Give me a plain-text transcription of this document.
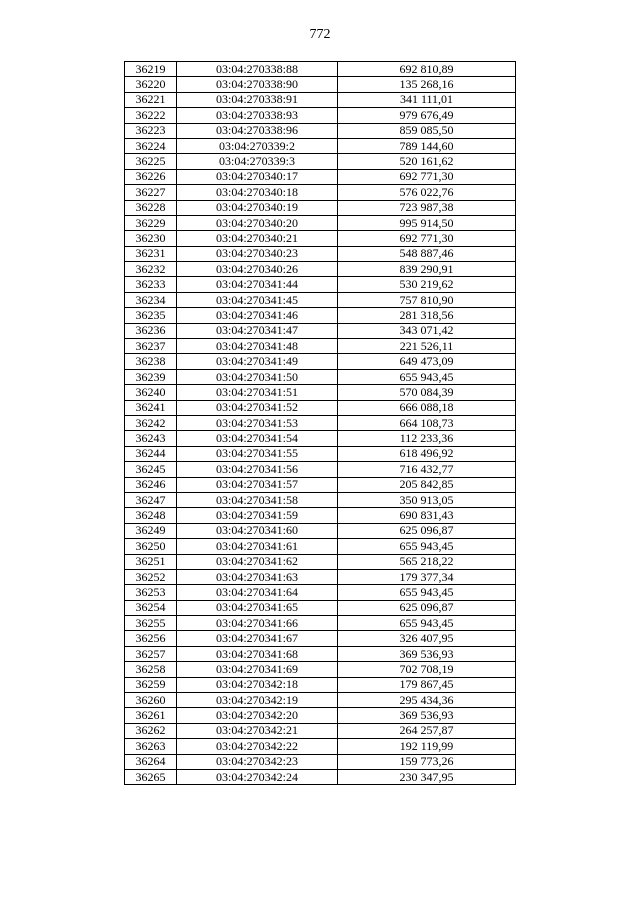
772
36219	03:04:270338:88	692 810,89
36220	03:04:270338:90	135 268,16
36221	03:04:270338:91	341 111,01
36222	03:04:270338:93	979 676,49
36223	03:04:270338:96	859 085,50
36224	03:04:270339:2	789 144,60
36225	03:04:270339:3	520 161,62
36226	03:04:270340:17	692 771,30
36227	03:04:270340:18	576 022,76
36228	03:04:270340:19	723 987,38
36229	03:04:270340:20	995 914,50
36230	03:04:270340:21	692 771,30
36231	03:04:270340:23	548 887,46
36232	03:04:270340:26	839 290,91
36233	03:04:270341:44	530 219,62
36234	03:04:270341:45	757 810,90
36235	03:04:270341:46	281 318,56
36236	03:04:270341:47	343 071,42
36237	03:04:270341:48	221 526,11
36238	03:04:270341:49	649 473,09
36239	03:04:270341:50	655 943,45
36240	03:04:270341:51	570 084,39
36241	03:04:270341:52	666 088,18
36242	03:04:270341:53	664 108,73
36243	03:04:270341:54	112 233,36
36244	03:04:270341:55	618 496,92
36245	03:04:270341:56	716 432,77
36246	03:04:270341:57	205 842,85
36247	03:04:270341:58	350 913,05
36248	03:04:270341:59	690 831,43
36249	03:04:270341:60	625 096,87
36250	03:04:270341:61	655 943,45
36251	03:04:270341:62	565 218,22
36252	03:04:270341:63	179 377,34
36253	03:04:270341:64	655 943,45
36254	03:04:270341:65	625 096,87
36255	03:04:270341:66	655 943,45
36256	03:04:270341:67	326 407,95
36257	03:04:270341:68	369 536,93
36258	03:04:270341:69	702 708,19
36259	03:04:270342:18	179 867,45
36260	03:04:270342:19	295 434,36
36261	03:04:270342:20	369 536,93
36262	03:04:270342:21	264 257,87
36263	03:04:270342:22	192 119,99
36264	03:04:270342:23	159 773,26
36265	03:04:270342:24	230 347,95
